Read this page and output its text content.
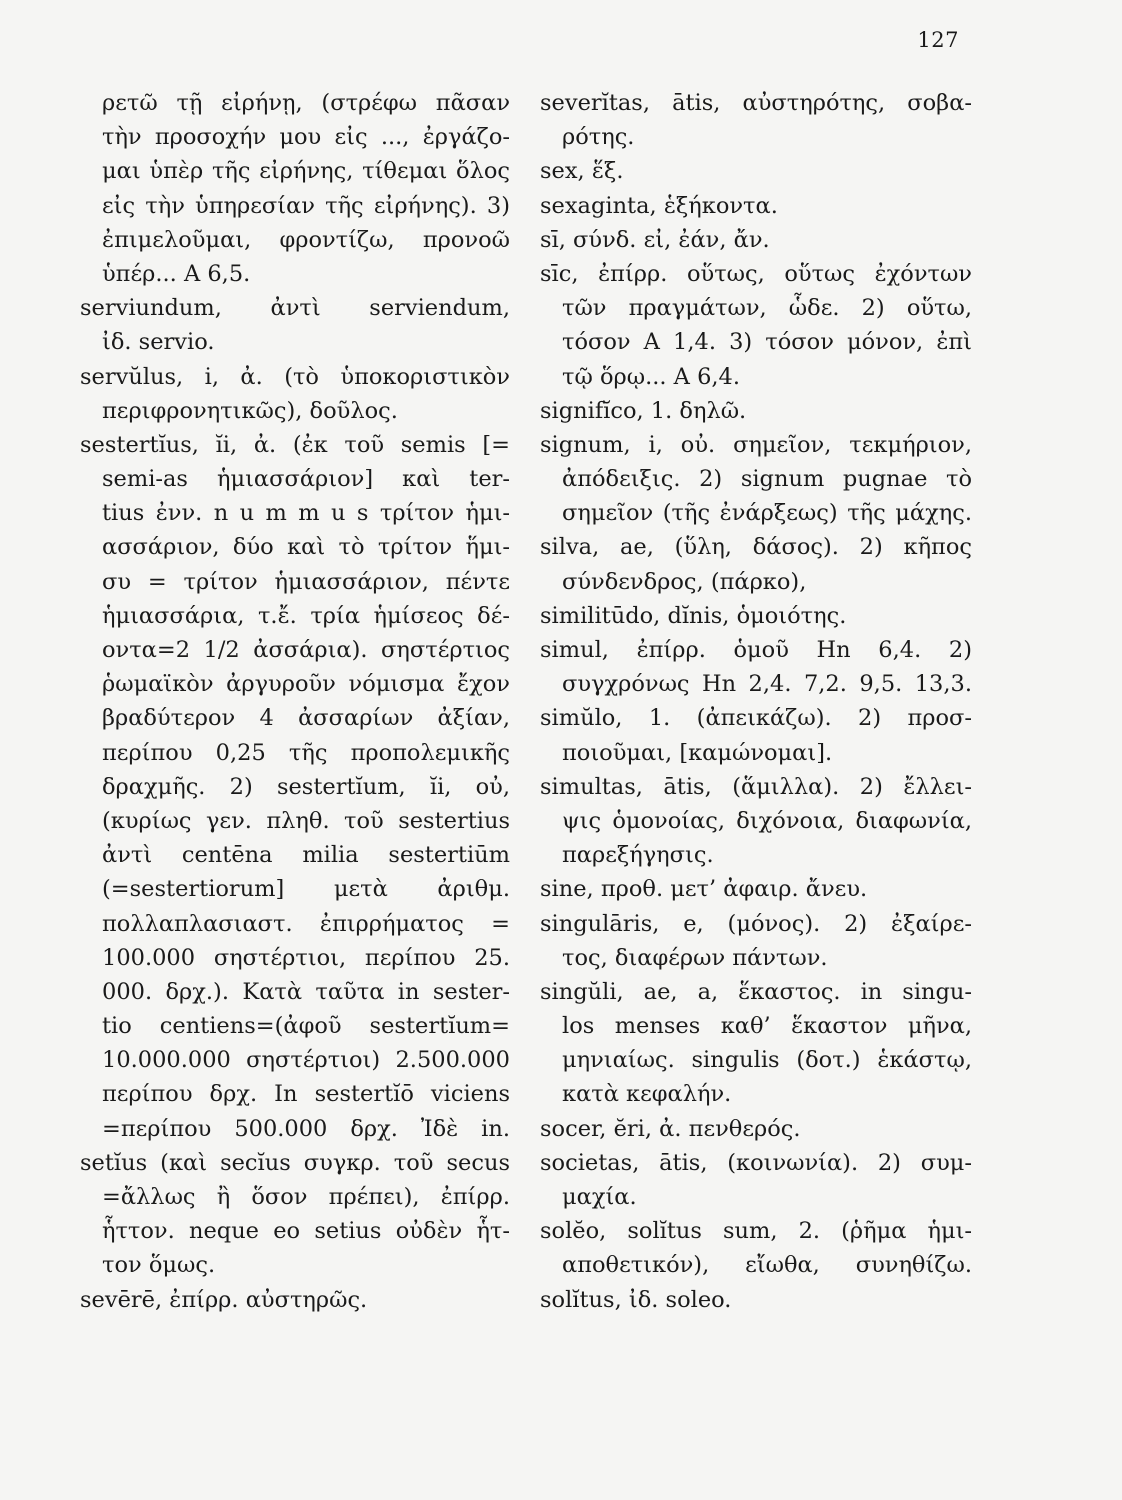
127
ρετῶ τῇ εἰρήνῃ, (στρέφω πᾶσαν
τὴν προσοχήν μου εἰς ..., ἐργάζο-
μαι ὑπὲρ τῆς εἰρήνης, τίθεμαι ὅλος
εἰς τὴν ὑπηρεσίαν τῆς εἰρήνης). 3)
ἐπιμελοῦμαι, φροντίζω, προνοῶ
ὑπέρ... Α 6,5.
serviundum, ἀντὶ serviendum,
ἰδ. servio.
servŭlus, i, ἀ. (τὸ ὑποκοριστικὸν
περιφρονητικῶς), δοῦλος.
sestertĭus, ĭi, ἀ. (ἐκ τοῦ semis [=
semi-as ἡμιασσάριον] καὶ ter-
tius ἐνν. n u m m u s τρίτον ἡμι-
ασσάριον, δύο καὶ τὸ τρίτον ἥμι-
συ = τρίτον ἡμιασσάριον, πέντε
ἡμιασσάρια, τ.ἔ. τρία ἡμίσεος δέ-
οντα=2 1/2 ἀσσάρια). σηστέρτιος
ῥωμαϊκὸν ἀργυροῦν νόμισμα ἔχον
βραδύτερον 4 ἀσσαρίων ἀξίαν,
περίπου 0,25 τῆς προπολεμικῆς
δραχμῆς. 2) sestertĭum, ĭi, οὐ,
(κυρίως γεν. πληθ. τοῦ sestertius
ἀντὶ centēna milia sestertiūm
(=sestertiorum] μετὰ ἀριθμ.
πολλαπλασιαστ. ἐπιρρήματος =
100.000 σηστέρτιοι, περίπου 25.
000. δρχ.). Κατὰ ταῦτα in sester-
tio centiens=(ἀφοῦ sestertĭum=
10.000.000 σηστέρτιοι) 2.500.000
περίπου δρχ. In sestertĭō viciens
=περίπου 500.000 δρχ. Ἰδὲ in.
setĭus (καὶ secĭus συγκρ. τοῦ secus
=ἄλλως ἢ ὅσον πρέπει), ἐπίρρ.
ἧττον. neque eo setius οὐδὲν ἧτ-
τον ὅμως.
sevērē, ἐπίρρ. αὐστηρῶς.
severĭtas, ātis, αὐστηρότης, σοβα-
ρότης.
sex, ἕξ.
sexaginta, ἑξήκοντα.
sī, σύνδ. εἰ, ἐάν, ἄν.
sīc, ἐπίρρ. οὕτως, οὕτως ἐχόντων
τῶν πραγμάτων, ὧδε. 2) οὕτω,
τόσον Α 1,4. 3) τόσον μόνον, ἐπὶ
τῷ ὅρῳ... Α 6,4.
signifĭco, 1. δηλῶ.
signum, i, οὐ. σημεῖον, τεκμήριον,
ἀπόδειξις. 2) signum pugnae τὸ
σημεῖον (τῆς ἐνάρξεως) τῆς μάχης.
silva, ae, (ὕλη, δάσος). 2) κῆπος
σύνδενδρος, (πάρκο),
similitūdo, dĭnis, ὁμοιότης.
simul, ἐπίρρ. ὁμοῦ Hn 6,4. 2)
συγχρόνως Hn 2,4. 7,2. 9,5. 13,3.
simŭlo, 1. (ἀπεικάζω). 2) προσ-
ποιοῦμαι, [καμώνομαι].
simultas, ātis, (ἅμιλλα). 2) ἔλλει-
ψις ὁμονοίας, διχόνοια, διαφωνία,
παρεξήγησις.
sine, προθ. μετ’ ἀφαιρ. ἄνευ.
singulāris, e, (μόνος). 2) ἐξαίρε-
τος, διαφέρων πάντων.
singŭli, ae, a, ἕκαστος. in singu-
los menses καθ’ ἕκαστον μῆνα,
μηνιαίως. singulis (δοτ.) ἑκάστῳ,
κατὰ κεφαλήν.
socer, ĕri, ἀ. πενθερός.
societas, ātis, (κοινωνία). 2) συμ-
μαχία.
solĕo, solĭtus sum, 2. (ῥῆμα ἡμι-
αποθετικόν), εἴωθα, συνηθίζω.
solĭtus, ἰδ. soleo.
